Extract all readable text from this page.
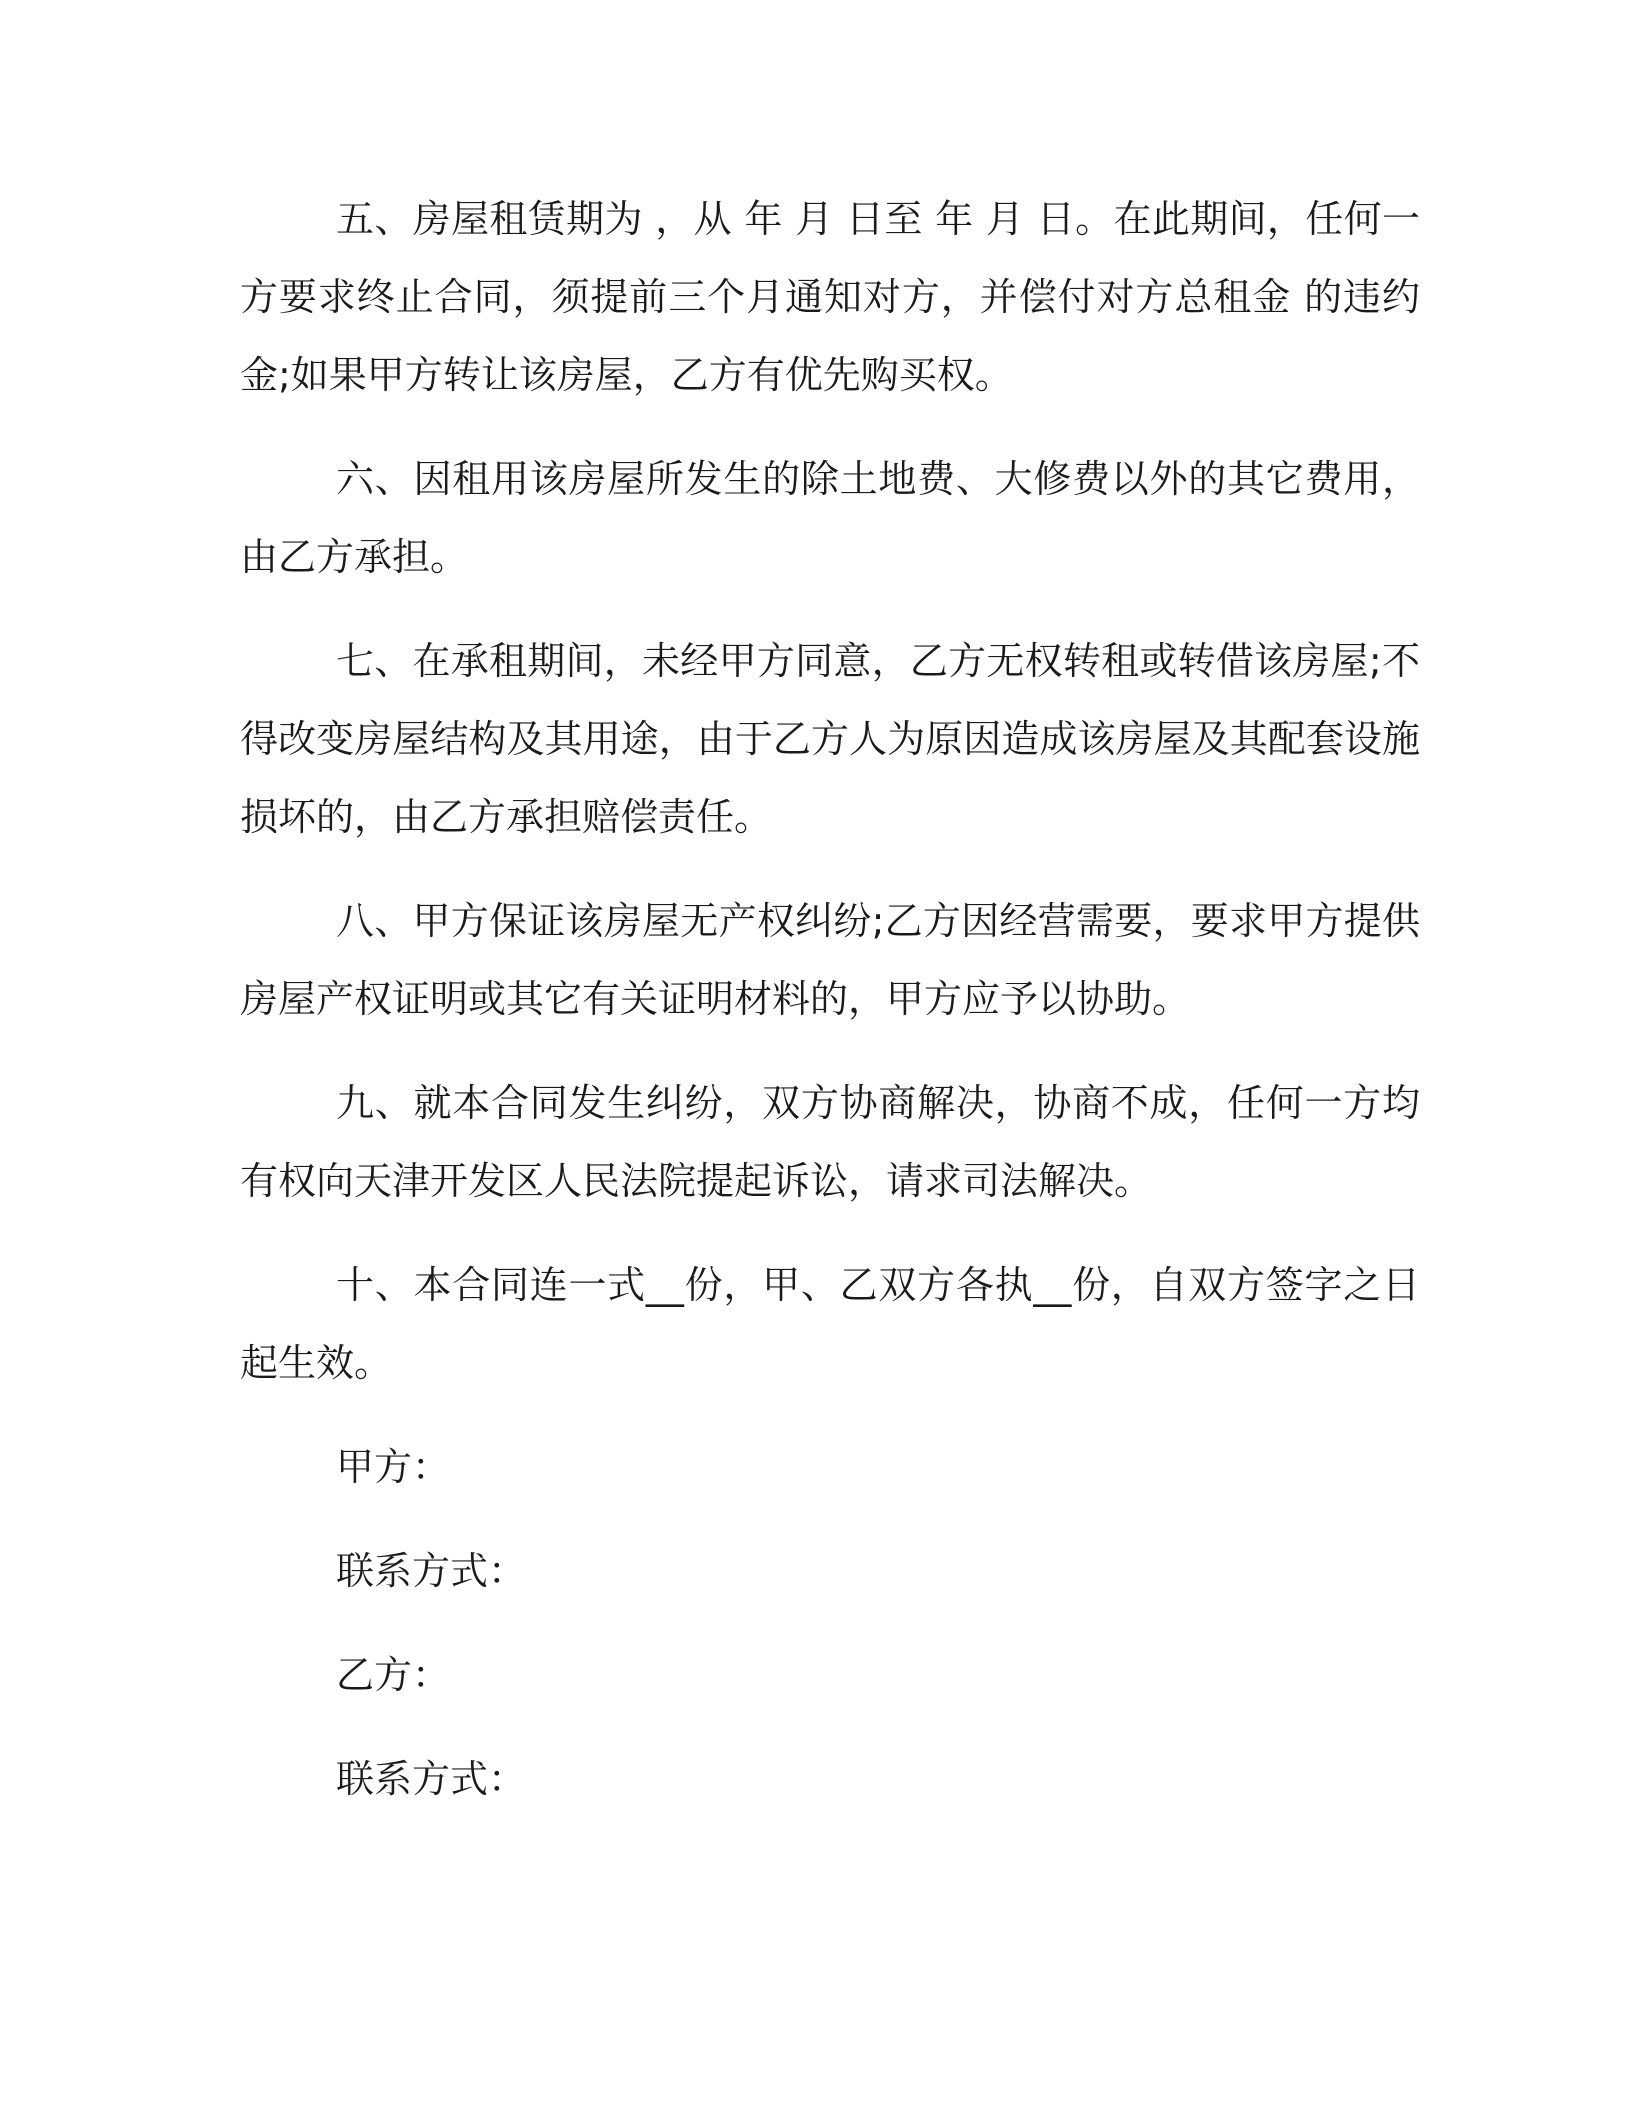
五、房屋租赁期为 ，从 年 月 日至 年 月 日。在此期间，任何一方要求终止合同，须提前三个月通知对方，并偿付对方总租金 的违约金;如果甲方转让该房屋，乙方有优先购买权。

六、因租用该房屋所发生的除土地费、大修费以外的其它费用，由乙方承担。

七、在承租期间，未经甲方同意，乙方无权转租或转借该房屋;不得改变房屋结构及其用途，由于乙方人为原因造成该房屋及其配套设施损坏的，由乙方承担赔偿责任。

八、甲方保证该房屋无产权纠纷;乙方因经营需要，要求甲方提供房屋产权证明或其它有关证明材料的，甲方应予以协助。

九、就本合同发生纠纷，双方协商解决，协商不成，任何一方均有权向天津开发区人民法院提起诉讼，请求司法解决。

十、本合同连一式__份，甲、乙双方各执__份，自双方签字之日起生效。

甲方：

联系方式：

乙方：

联系方式：
